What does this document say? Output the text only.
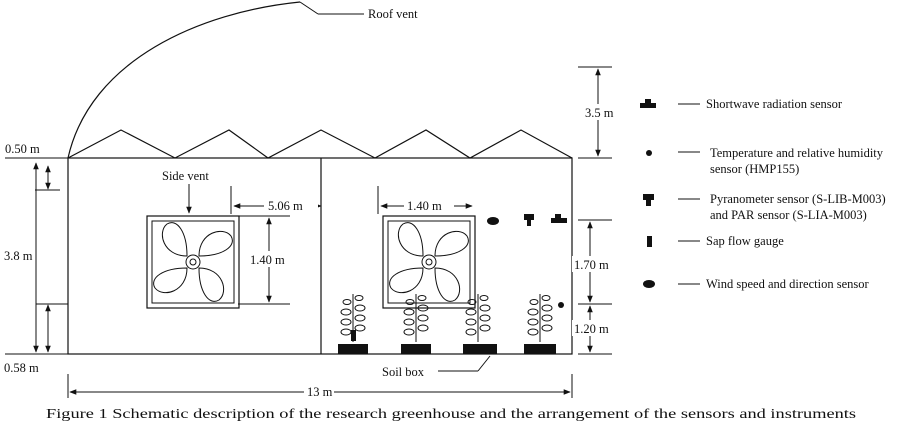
Roof vent
Side vent
0.50 m
3.8 m
0.58 m
5.06 m	1.40 m
1.40 m
Soil box
3.5 m
1.70 m
1.20 m
13 m
Shortwave radiation sensor
Temperature and relative humidity
sensor (HMP155)
Pyranometer sensor (S-LIB-M003)
and PAR sensor (S-LIA-M003)
Sap flow gauge
Wind speed and direction sensor
Figure 1 Schematic description of the research greenhouse and the arrangement of the sensors and instruments
